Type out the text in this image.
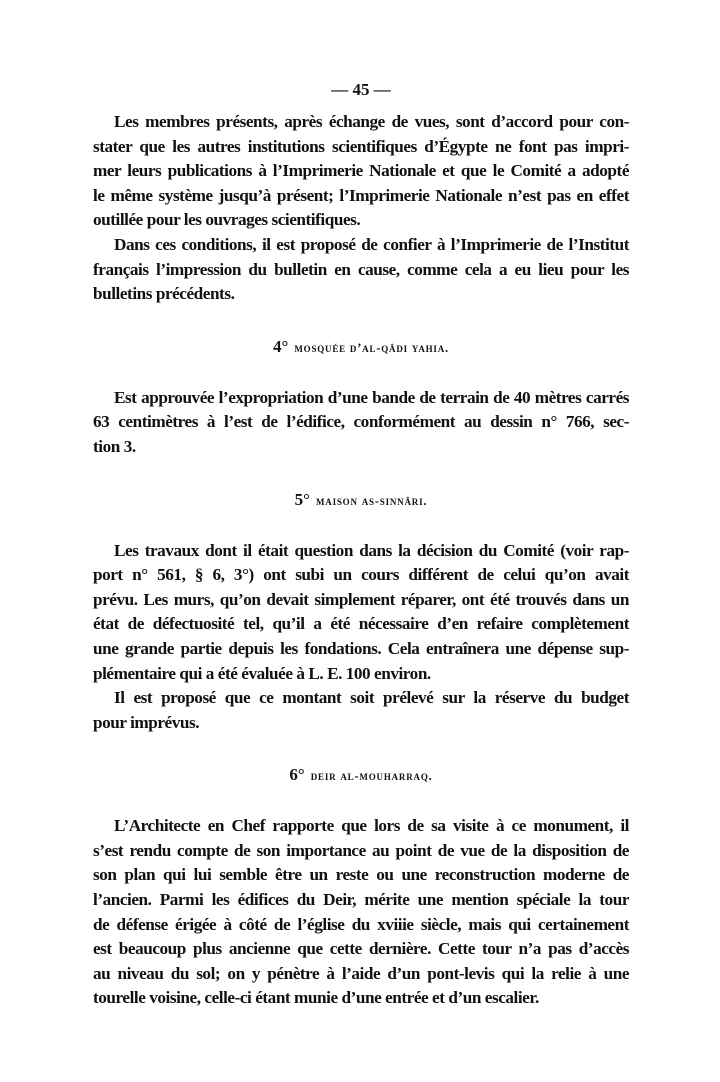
— 45 —
Les membres présents, après échange de vues, sont d’accord pour con-
stater que les autres institutions scientifiques d’Égypte ne font pas impri-
mer leurs publications à l’Imprimerie Nationale et que le Comité a adopté
le même système jusqu’à présent; l’Imprimerie Nationale n’est pas en effet
outillée pour les ouvrages scientifiques.
Dans ces conditions, il est proposé de confier à l’Imprimerie de l’Institut
français l’impression du bulletin en cause, comme cela a eu lieu pour les
bulletins précédents.
4° mosquée d’al-qâdi yahia.
Est approuvée l’expropriation d’une bande de terrain de 40 mètres carrés
63 centimètres à l’est de l’édifice, conformément au dessin n° 766, sec-
tion 3.
5° maison as-sinnâri.
Les travaux dont il était question dans la décision du Comité (voir rap-
port n° 561, § 6, 3°) ont subi un cours différent de celui qu’on avait
prévu. Les murs, qu’on devait simplement réparer, ont été trouvés dans un
état de défectuosité tel, qu’il a été nécessaire d’en refaire complètement
une grande partie depuis les fondations. Cela entraînera une dépense sup-
plémentaire qui a été évaluée à L. E. 100 environ.
Il est proposé que ce montant soit prélevé sur la réserve du budget
pour imprévus.
6° deir al-mouharraq.
L’Architecte en Chef rapporte que lors de sa visite à ce monument, il
s’est rendu compte de son importance au point de vue de la disposition de
son plan qui lui semble être un reste ou une reconstruction moderne de
l’ancien. Parmi les édifices du Deir, mérite une mention spéciale la tour
de défense érigée à côté de l’église du xviiie siècle, mais qui certainement
est beaucoup plus ancienne que cette dernière. Cette tour n’a pas d’accès
au niveau du sol; on y pénètre à l’aide d’un pont-levis qui la relie à une
tourelle voisine, celle-ci étant munie d’une entrée et d’un escalier.
